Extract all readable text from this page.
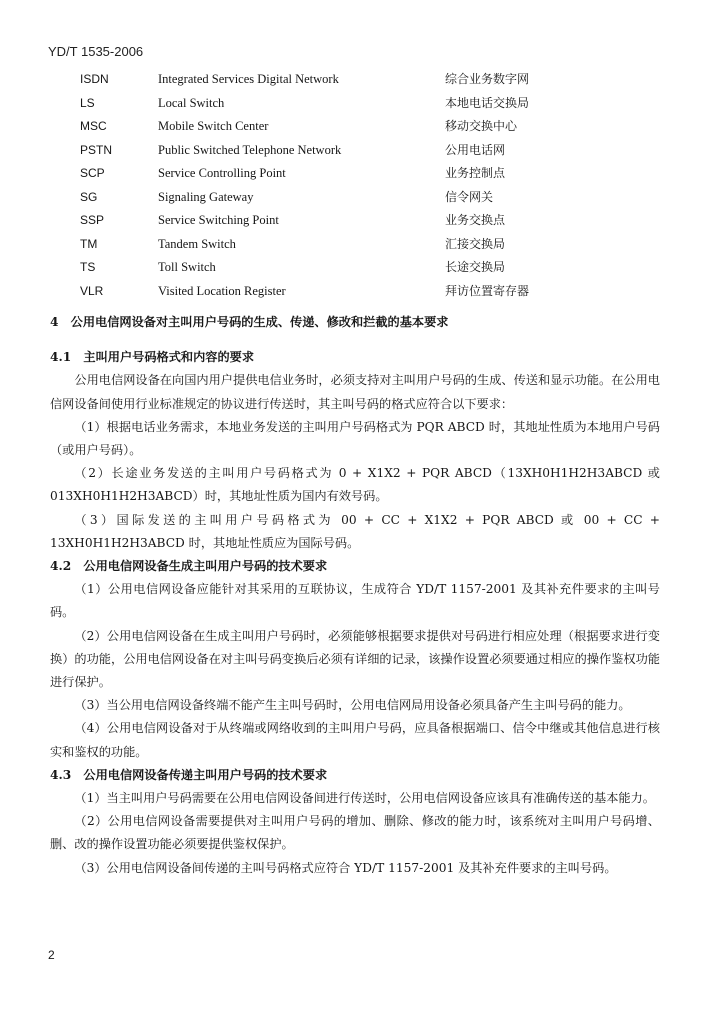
YD/T 1535-2006
ISDN	Integrated Services Digital Network	综合业务数字网
LS	Local Switch	本地电话交换局
MSC	Mobile Switch Center	移动交换中心
PSTN	Public Switched Telephone Network	公用电话网
SCP	Service Controlling Point	业务控制点
SG	Signaling Gateway	信令网关
SSP	Service Switching Point	业务交换点
TM	Tandem Switch	汇接交换局
TS	Toll Switch	长途交换局
VLR	Visited Location Register	拜访位置寄存器

4　公用电信网设备对主叫用户号码的生成、传递、修改和拦截的基本要求

4.1　主叫用户号码格式和内容的要求

公用电信网设备在向国内用户提供电信业务时，必须支持对主叫用户号码的生成、传送和显示功能。在公用电信网设备间使用行业标准规定的协议进行传送时，其主叫号码的格式应符合以下要求：

（1）根据电话业务需求，本地业务发送的主叫用户号码格式为 PQR ABCD 时，其地址性质为本地用户号码（或用户号码）。

（2）长途业务发送的主叫用户号码格式为 0 + X1X2 + PQR ABCD（13XH0H1H2H3ABCD 或 013XH0H1H2H3ABCD）时，其地址性质为国内有效号码。

（3）国际发送的主叫用户号码格式为 00 + CC + X1X2 + PQR ABCD 或 00 + CC + 13XH0H1H2H3ABCD 时，其地址性质应为国际号码。

4.2　公用电信网设备生成主叫用户号码的技术要求

（1）公用电信网设备应能针对其采用的互联协议，生成符合 YD/T 1157-2001 及其补充件要求的主叫号码。

（2）公用电信网设备在生成主叫用户号码时，必须能够根据要求提供对号码进行相应处理（根据要求进行变换）的功能，公用电信网设备在对主叫号码变换后必须有详细的记录，该操作设置必须要通过相应的操作鉴权功能进行保护。

（3）当公用电信网设备终端不能产生主叫号码时，公用电信网局用设备必须具备产生主叫号码的能力。

（4）公用电信网设备对于从终端或网络收到的主叫用户号码，应具备根据端口、信令中继或其他信息进行核实和鉴权的功能。

4.3　公用电信网设备传递主叫用户号码的技术要求

（1）当主叫用户号码需要在公用电信网设备间进行传送时，公用电信网设备应该具有准确传送的基本能力。

（2）公用电信网设备需要提供对主叫用户号码的增加、删除、修改的能力时，该系统对主叫用户号码增、删、改的操作设置功能必须要提供鉴权保护。

（3）公用电信网设备间传递的主叫号码格式应符合 YD/T 1157-2001 及其补充件要求的主叫号码。

2
